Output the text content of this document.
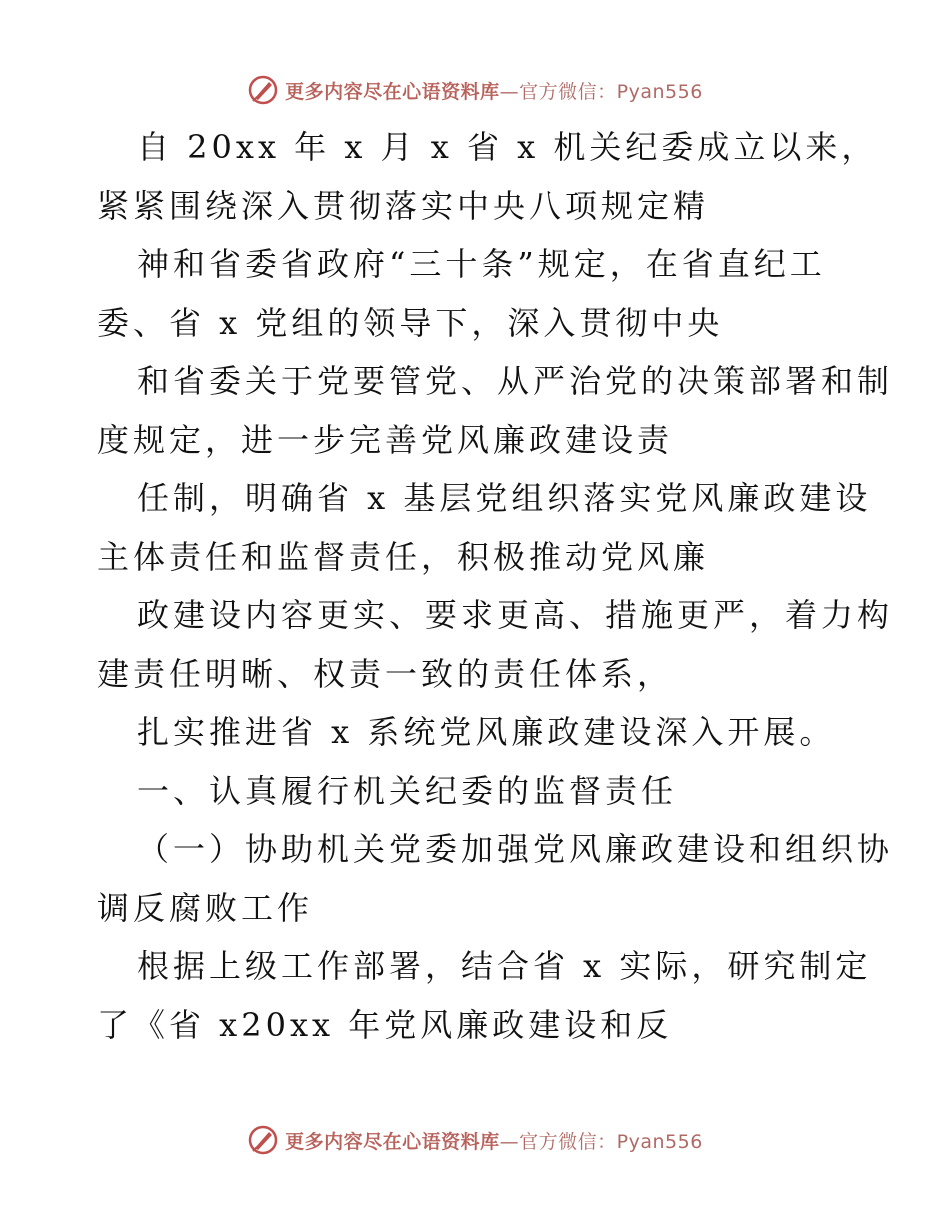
更多内容尽在心语资料库—官方微信：Pyan556
自 20xx 年 x 月 x 省 x 机关纪委成立以来，
紧紧围绕深入贯彻落实中央八项规定精
神和省委省政府“三十条”规定，在省直纪工
委、省 x 党组的领导下，深入贯彻中央
和省委关于党要管党、从严治党的决策部署和制
度规定，进一步完善党风廉政建设责
任制，明确省 x 基层党组织落实党风廉政建设
主体责任和监督责任，积极推动党风廉
政建设内容更实、要求更高、措施更严，着力构
建责任明晰、权责一致的责任体系，
扎实推进省 x 系统党风廉政建设深入开展。
一、认真履行机关纪委的监督责任
（一）协助机关党委加强党风廉政建设和组织协
调反腐败工作
根据上级工作部署，结合省 x 实际，研究制定
了《省 x20xx 年党风廉政建设和反
更多内容尽在心语资料库—官方微信：Pyan556
